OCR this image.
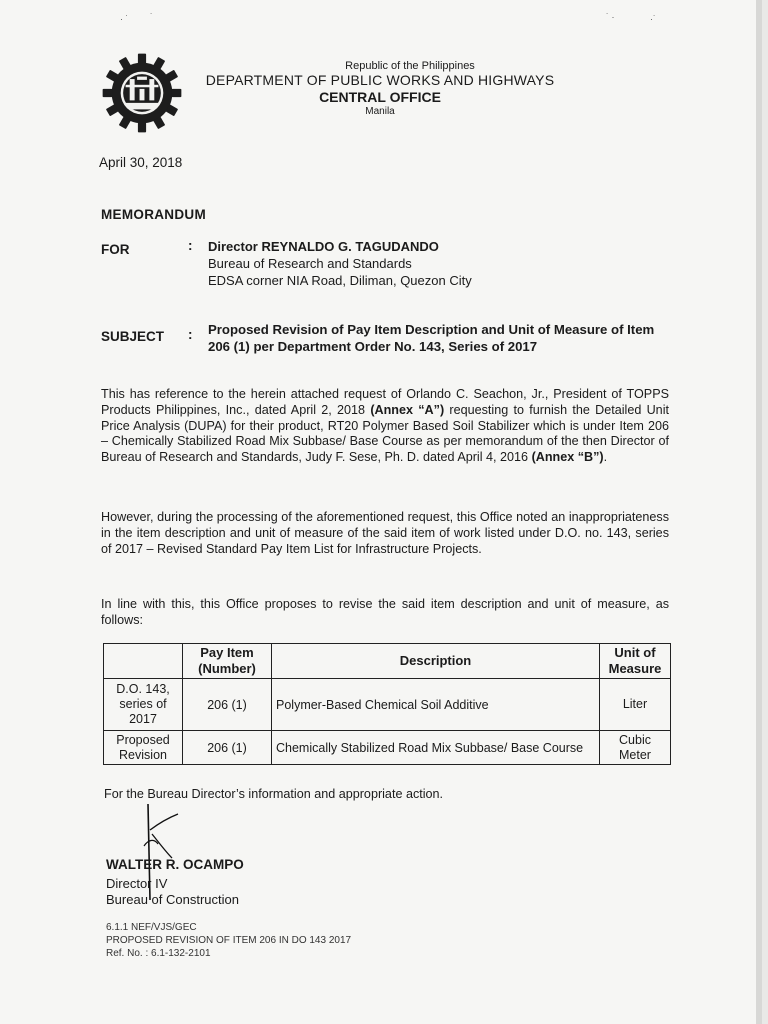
· ˙ ˙	˙ ·	·˙
Republic of the Philippines
DEPARTMENT OF PUBLIC WORKS AND HIGHWAYS
CENTRAL OFFICE
Manila
April 30, 2018
MEMORANDUM
FOR	: Director REYNALDO G. TAGUDANDO
Bureau of Research and Standards
EDSA corner NIA Road, Diliman, Quezon City
SUBJECT : Proposed Revision of Pay Item Description and Unit of Measure of Item 206 (1) per Department Order No. 143, Series of 2017
This has reference to the herein attached request of Orlando C. Seachon, Jr., President of TOPPS Products Philippines, Inc., dated April 2, 2018 (Annex “A”) requesting to furnish the Detailed Unit Price Analysis (DUPA) for their product, RT20 Polymer Based Soil Stabilizer which is under Item 206 – Chemically Stabilized Road Mix Subbase/ Base Course as per memorandum of the then Director of Bureau of Research and Standards, Judy F. Sese, Ph. D. dated April 4, 2016 (Annex “B”).
However, during the processing of the aforementioned request, this Office noted an inappropriateness in the item description and unit of measure of the said item of work listed under D.O. no. 143, series of 2017 – Revised Standard Pay Item List for Infrastructure Projects.
In line with this, this Office proposes to revise the said item description and unit of measure, as follows:
	Pay Item (Number)	Description	Unit of Measure
D.O. 143, series of 2017	206 (1)	Polymer-Based Chemical Soil Additive	Liter
Proposed Revision	206 (1)	Chemically Stabilized Road Mix Subbase/ Base Course	Cubic Meter
For the Bureau Director’s information and appropriate action.
WALTER R. OCAMPO
Director IV
Bureau of Construction
6.1.1 NEF/VJS/GEC
PROPOSED REVISION OF ITEM 206 IN DO 143 2017
Ref. No. : 6.1-132-2101
